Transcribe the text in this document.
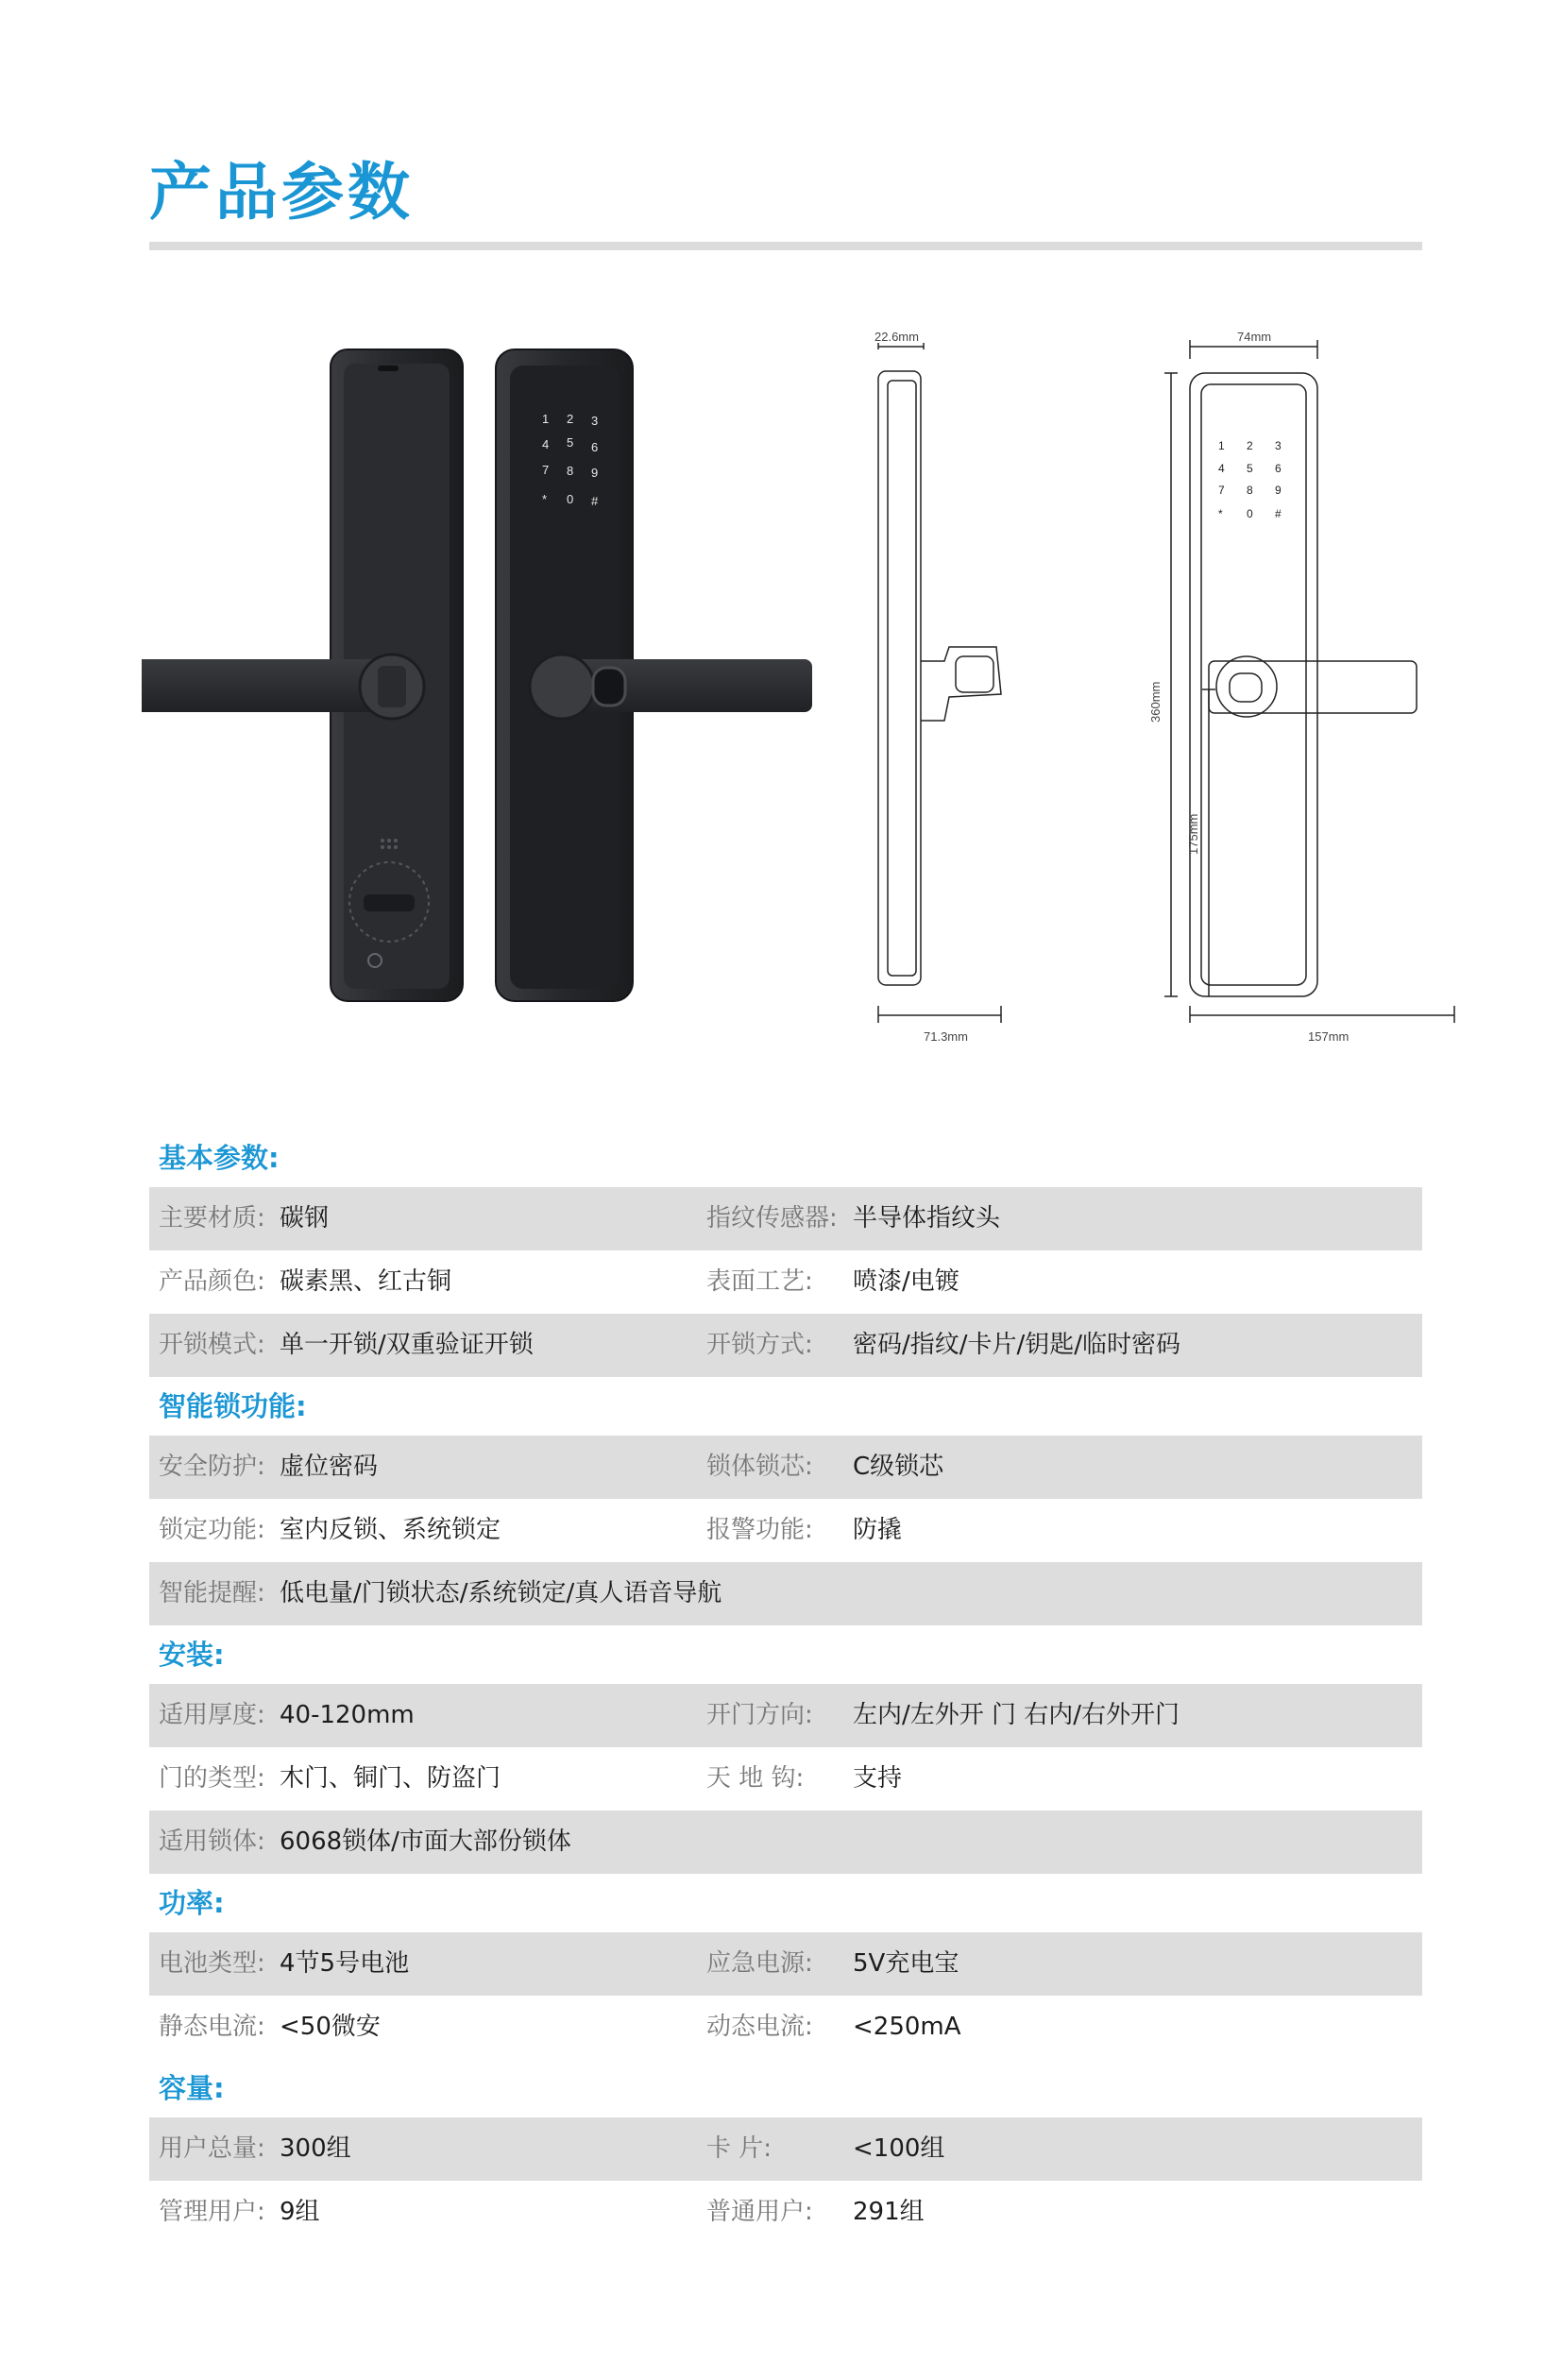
产品参数
1 2 3
4 5 6
7 8 9
* 0 #
22.6mm
71.3mm
1 2 3
4 5 6
7 8 9
* 0 #
74mm
360mm
175mm
157mm
基本参数:
主要材质: 碳钢	指纹传感器: 半导体指纹头
产品颜色: 碳素黑、红古铜	表面工艺: 喷漆/电镀
开锁模式: 单一开锁/双重验证开锁	开锁方式: 密码/指纹/卡片/钥匙/临时密码
智能锁功能:
安全防护: 虚位密码	锁体锁芯: C级锁芯
锁定功能: 室内反锁、系统锁定	报警功能: 防撬
智能提醒: 低电量/门锁状态/系统锁定/真人语音导航
安装:
适用厚度: 40-120mm	开门方向: 左内/左外开 门 右内/右外开门
门的类型: 木门、铜门、防盗门	天 地 钩: 支持
适用锁体: 6068锁体/市面大部份锁体
功率:
电池类型: 4节5号电池	应急电源: 5V充电宝
静态电流: <50微安	动态电流: <250mA
容量:
用户总量: 300组	卡 片:	<100组
管理用户: 9组	普通用户: 291组
